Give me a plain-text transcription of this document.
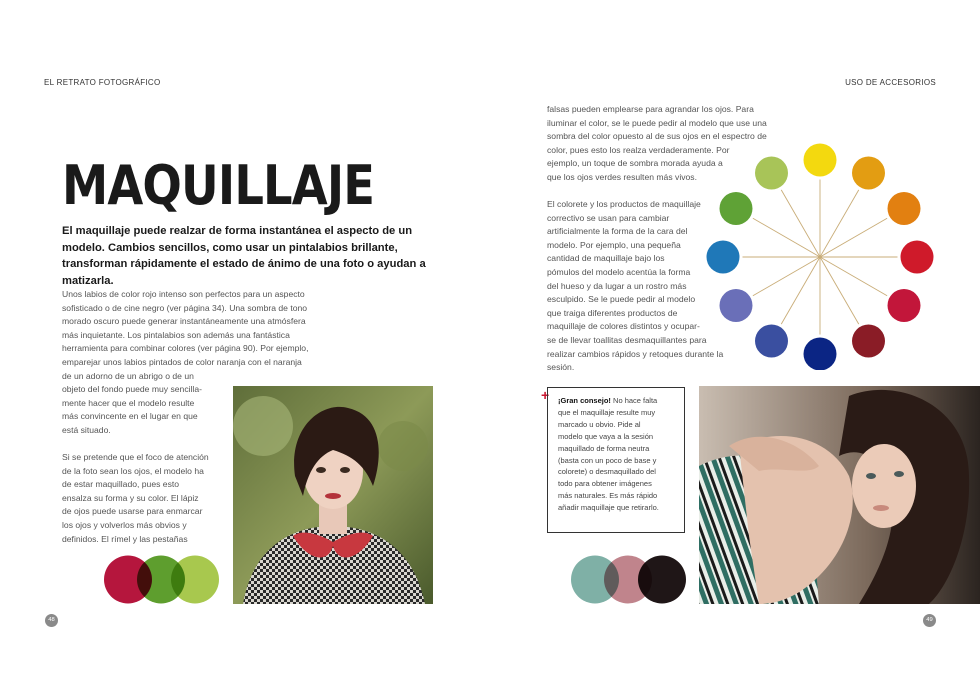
EL RETRATO FOTOGRÁFICO	USO DE ACCESORIOS
MAQUILLAJE

El maquillaje puede realzar de forma instantánea el aspecto de un modelo. Cambios sencillos, como usar un pintalabios brillante, transforman rápidamente el estado de ánimo de una foto o ayudan a matizarla.

Unos labios de color rojo intenso son perfectos para un aspecto
sofisticado o de cine negro (ver página 34). Una sombra de tono
morado oscuro puede generar instantáneamente una atmósfera
más inquietante. Los pintalabios son además una fantástica
herramienta para combinar colores (ver página 90). Por ejemplo,
emparejar unos labios pintados de color naranja con el naranja
de un adorno de un abrigo o de un
objeto del fondo puede muy sencilla-
mente hacer que el modelo resulte
más convincente en el lugar en que
está situado.

Si se pretende que el foco de atención
de la foto sean los ojos, el modelo ha
de estar maquillado, pues esto
ensalza su forma y su color. El lápiz
de ojos puede usarse para enmarcar
los ojos y volverlos más obvios y
definidos. El rímel y las pestañas

48

falsas pueden emplearse para agrandar los ojos. Para
iluminar el color, se le puede pedir al modelo que use una
sombra del color opuesto al de sus ojos en el espectro de
color, pues esto los realza verdaderamente. Por
ejemplo, un toque de sombra morada ayuda a
que los ojos verdes resulten más vivos.

El colorete y los productos de maquillaje
correctivo se usan para cambiar
artificialmente la forma de la cara del
modelo. Por ejemplo, una pequeña
cantidad de maquillaje bajo los
pómulos del modelo acentúa la forma
del hueso y da lugar a un rostro más
esculpido. Se le puede pedir al modelo
que traiga diferentes productos de
maquillaje de colores distintos y ocupar-
se de llevar toallitas desmaquillantes para
realizar cambios rápidos y retoques durante la
sesión.

+	¡Gran consejo! No hace falta
que el maquillaje resulte muy
marcado u obvio. Pide al
modelo que vaya a la sesión
maquillado de forma neutra
(basta con un poco de base y
colorete) o desmaquillado del
todo para obtener imágenes
más naturales. Es más rápido
añadir maquillaje que retirarlo.
49
